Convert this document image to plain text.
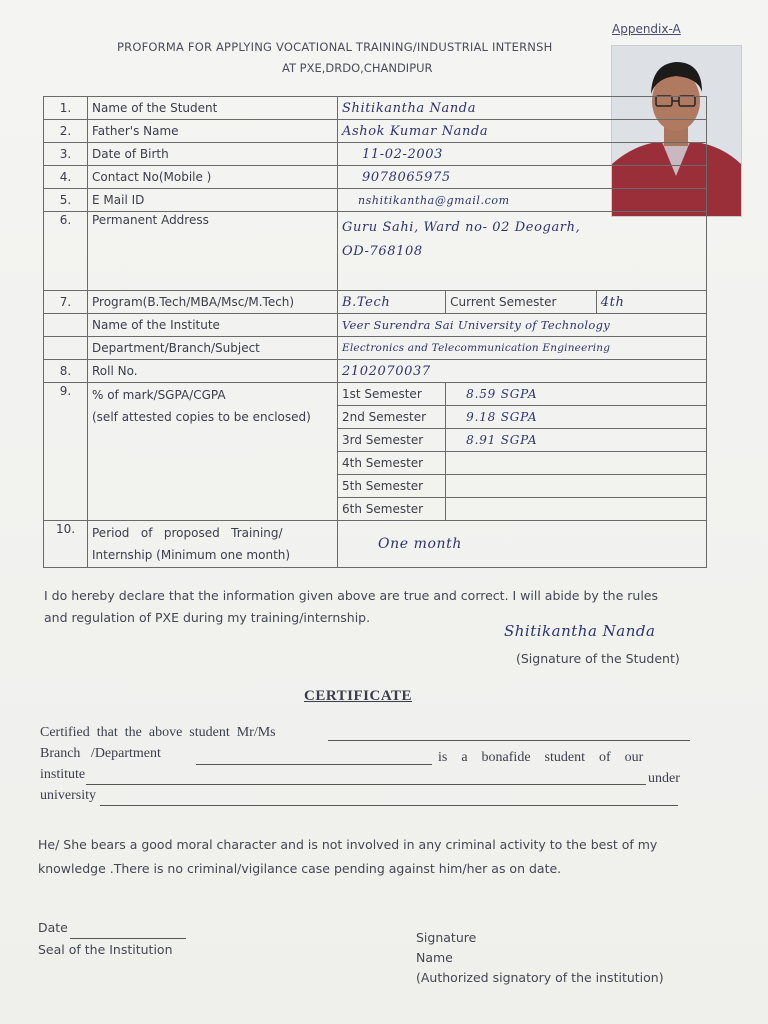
Appendix-A
PROFORMA FOR APPLYING VOCATIONAL TRAINING/INDUSTRIAL INTERNSH
AT PXE,DRDO,CHANDIPUR
1.	Name of the Student	Shitikantha Nanda		
2.	Father's Name	Ashok Kumar Nanda		
3.	Date of Birth	11-02-2003		
4.	Contact No(Mobile )	9078065975		
5.	E Mail ID	nshitikantha@gmail.com		
6.	Permanent Address	Guru Sahi, Ward no- 02 Deogarh,
OD-768108		

7.	Program(B.Tech/MBA/Msc/M.Tech)	B.Tech	Current Semester	4th
	Name of the Institute	Veer Surendra Sai University of Technology		
	Department/Branch/Subject	Electronics and Telecommunication Engineering		
8.	Roll No.	2102070037		
9.	% of mark/SGPA/CGPA
(self attested copies to be enclosed)	1st Semester	8.59 SGPA	
		2nd Semester	9.18 SGPA	
		3rd Semester	8.91 SGPA	
		4th Semester		
		5th Semester		
		6th Semester		
10.	Period   of   proposed   Training/
Internship (Minimum one month)	One month		
I do hereby declare that the information given above are true and correct. I will abide by the rules
and regulation of PXE during my training/internship.
Shitikantha Nanda
(Signature of the Student)
CERTIFICATE
Certified  that  the  above  student  Mr/Ms
Branch   /Department	is    a    bonafide    student    of    our
institute	under
university
He/ She bears a good moral character and is not involved in any criminal activity to the best of my
knowledge .There is no criminal/vigilance case pending against him/her as on date.
Date
Seal of the Institution
Signature
Name
(Authorized signatory of the institution)
